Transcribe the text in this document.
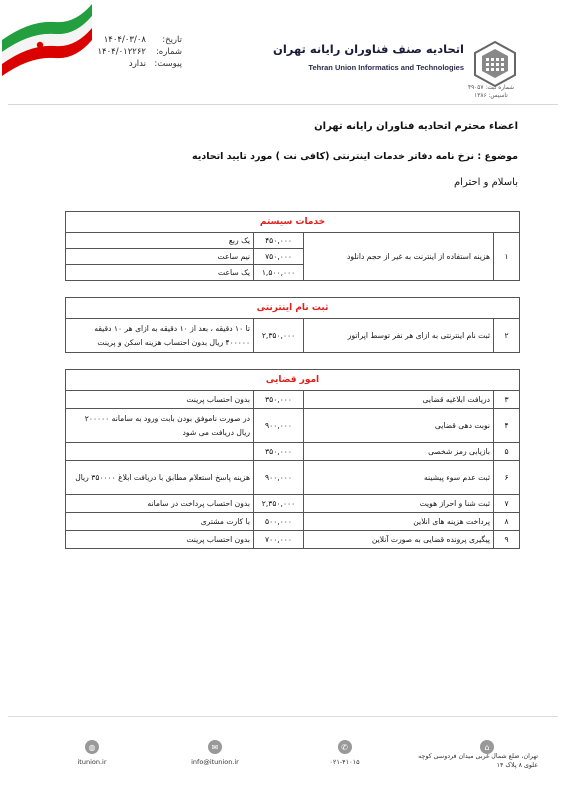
تاریخ:
۱۴۰۴/۰۳/۰۸
شماره:
۱۴۰۴/۰۱۲۲۶۲
پیوست:
ندارد
اتحادیه صنف فناوران رایانه تهران
Tehran Union Informatics and Technologies
شماره ثبت: ۴۹۰۵۷
تاسیس: ۱۳۸۶
اعضاء محترم اتحادیه فناوران رایانه تهران
موضوع : نرخ نامه دفاتر خدمات اینترنتی (کافی نت ) مورد تایید اتحادیه
باسلام و احترام
خدمات سیستم			
۱	هزینه استفاده از اینترنت به غیر از حجم دانلود	۴۵۰,۰۰۰	یک ربع
		۷۵۰,۰۰۰	نیم ساعت
		۱,۵۰۰,۰۰۰	یک ساعت
ثبت نام اینترنتی
۲	ثبت نام اینترنتی به ازای هر نفر توسط اپراتور	۲,۳۵۰,۰۰۰	تا ۱۰ دقیقه ، بعد از ۱۰ دقیقه به ازای هر ۱۰ دقیقه ۴۰۰۰۰۰ ریال بدون احتساب هزینه اسکن و پرینت
امور قضایی			
۳	دریافت ابلاغیه قضایی	۳۵۰,۰۰۰	بدون احتساب پرینت
۴	نوبت دهی قضایی	۹۰۰,۰۰۰	در صورت ناموفق بودن بابت ورود به سامانه ۲۰۰۰۰۰ ریال دریافت می شود
۵	بازیابی رمز شخصی	۳۵۰,۰۰۰	
۶	ثبت عدم سوء پیشینه	۹۰۰,۰۰۰	هزینه پاسخ استعلام مطابق با دریافت ابلاغ ۳۵۰۰۰۰ ریال
۷	ثبت شنا و احراز هویت	۲,۳۵۰,۰۰۰	بدون احتساب پرداخت در سامانه
۸	پرداخت هزینه های انلاین	۵۰۰,۰۰۰	با کارت مشتری
۹	پیگیری پرونده قضایی به صورت آنلاین	۷۰۰,۰۰۰	بدون احتساب پرینت
◍
itunion.ir
✉
info@itunion.ir
✆
۰۲۱-۴۱۰۱۵
⌂
تهران، ضلع شمال غربی میدان فردوسی کوچه علوی ۸ پلاک ۱۴
